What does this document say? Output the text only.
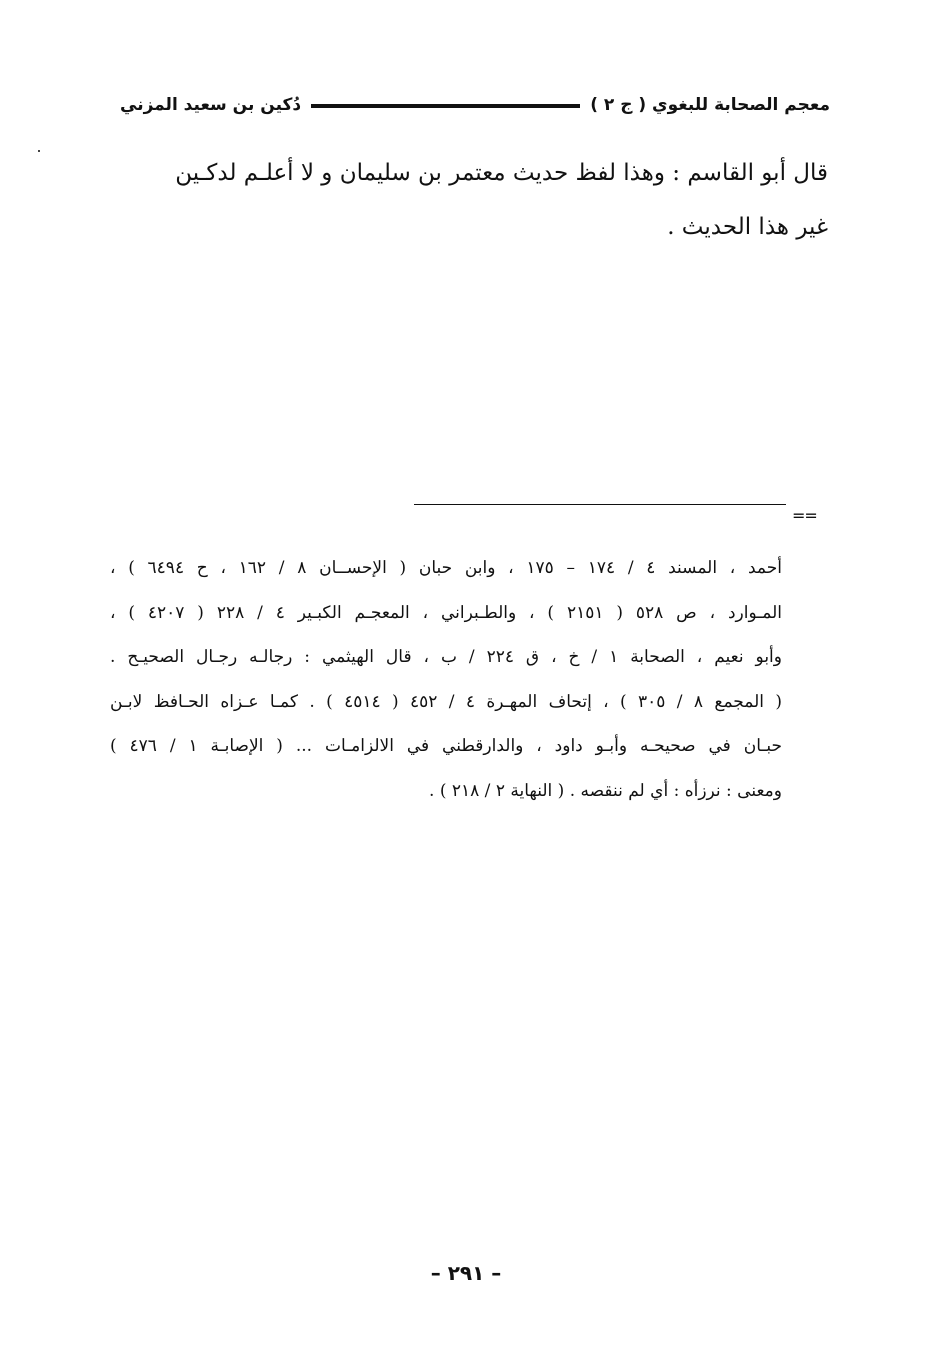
معجم الصحابة للبغوي ( ج ٢ )
دُكين بن سعيد المزني

قال أبو القاسم : وهذا لفظ حديث معتمر بن سليمان و لا أعلـم لدكـين

غير هذا الحديث .

==
أحمد ، المسند ٤ / ١٧٤ – ١٧٥ ، وابن حبان ( الإحســان ٨ / ١٦٢ ، ح ٦٤٩٤ ) ،
المـوارد ، ص ٥٢٨ ( ٢١٥١ ) ، والطـبراني ، المعجـم الكبـير ٤ / ٢٢٨ ( ٤٢٠٧ ) ،
وأبو نعيم ، الصحابة ١ / خ ، ق ٢٢٤ / ب ، قال الهيثمي : رجالـه رجـال الصحيـح .
( المجمع ٨ / ٣٠٥ ) ، إتحاف المهـرة ٤ / ٤٥٢ ( ٤٥١٤ ) . كمـا عـزاه الحـافظ لابـن
حبـان في صحيحـه وأبـو داود ، والدارقطني في الالزامـات ... ( الإصابـة ١ / ٤٧٦ )
ومعنى : نرزأه : أي لم ننقصه . ( النهاية ٢ / ٢١٨ ) .
– ٢٩١ –
